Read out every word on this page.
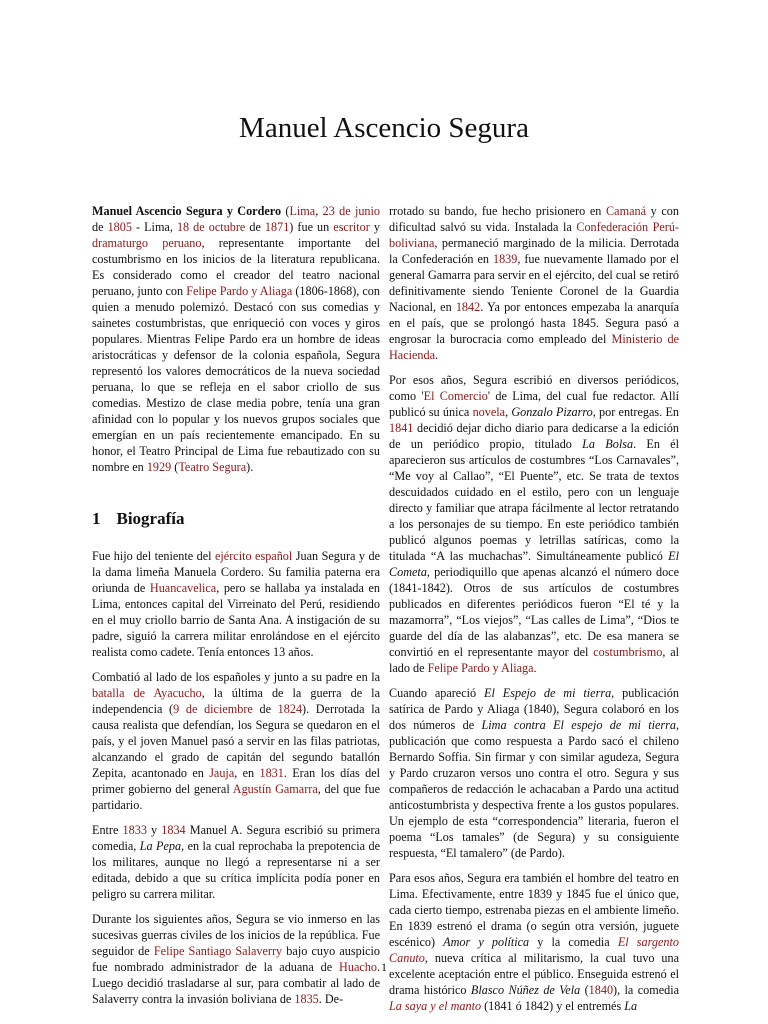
Manuel Ascencio Segura

Manuel Ascencio Segura y Cordero (Lima, 23 de junio de 1805 - Lima, 18 de octubre de 1871) fue un escritor y dramaturgo peruano, representante importante del costumbrismo en los inicios de la literatura republicana. Es considerado como el creador del teatro nacional peruano, junto con Felipe Pardo y Aliaga (1806-1868), con quien a menudo polemizó. Destacó con sus comedias y sainetes costumbristas, que enriqueció con voces y giros populares. Mientras Felipe Pardo era un hombre de ideas aristocráticas y defensor de la colonia española, Segura representó los valores democráticos de la nueva sociedad peruana, lo que se refleja en el sabor criollo de sus comedias. Mestizo de clase media pobre, tenía una gran afinidad con lo popular y los nuevos grupos sociales que emergían en un país recientemente emancipado. En su honor, el Teatro Principal de Lima fue rebautizado con su nombre en 1929 (Teatro Segura).

1 Biografía

Fue hijo del teniente del ejército español Juan Segura y de la dama limeña Manuela Cordero. Su familia paterna era oriunda de Huancavelica, pero se hallaba ya instalada en Lima, entonces capital del Virreinato del Perú, residiendo en el muy criollo barrio de Santa Ana. A instigación de su padre, siguió la carrera militar enrolándose en el ejército realista como cadete. Tenía entonces 13 años.

Combatió al lado de los españoles y junto a su padre en la batalla de Ayacucho, la última de la guerra de la independencia (9 de diciembre de 1824). Derrotada la causa realista que defendían, los Segura se quedaron en el país, y el joven Manuel pasó a servir en las filas patriotas, alcanzando el grado de capitán del segundo batallón Zepita, acantonado en Jauja, en 1831. Eran los días del primer gobierno del general Agustín Gamarra, del que fue partidario.

Entre 1833 y 1834 Manuel A. Segura escribió su primera comedia, La Pepa, en la cual reprochaba la prepotencia de los militares, aunque no llegó a representarse ni a ser editada, debido a que su crítica implícita podía poner en peligro su carrera militar.

Durante los siguientes años, Segura se vio inmerso en las sucesivas guerras civiles de los inicios de la república. Fue seguidor de Felipe Santiago Salaverry bajo cuyo auspicio fue nombrado administrador de la aduana de Huacho. Luego decidió trasladarse al sur, para combatir al lado de Salaverry contra la invasión boliviana de 1835. De-

rrotado su bando, fue hecho prisionero en Camaná y con dificultad salvó su vida. Instalada la Confederación Perú-boliviana, permaneció marginado de la milicia. Derrotada la Confederación en 1839, fue nuevamente llamado por el general Gamarra para servir en el ejército, del cual se retiró definitivamente siendo Teniente Coronel de la Guardia Nacional, en 1842. Ya por entonces empezaba la anarquía en el país, que se prolongó hasta 1845. Segura pasó a engrosar la burocracia como empleado del Ministerio de Hacienda.

Por esos años, Segura escribió en diversos periódicos, como 'El Comercio' de Lima, del cual fue redactor. Allí publicó su única novela, Gonzalo Pizarro, por entregas. En 1841 decidió dejar dicho diario para dedicarse a la edición de un periódico propio, titulado La Bolsa. En él aparecieron sus artículos de costumbres “Los Carnavales”, “Me voy al Callao”, “El Puente”, etc. Se trata de textos descuidados cuidado en el estilo, pero con un lenguaje directo y familiar que atrapa fácilmente al lector retratando a los personajes de su tiempo. En este periódico también publicó algunos poemas y letrillas satíricas, como la titulada “A las muchachas”. Simultáneamente publicó El Cometa, periodiquillo que apenas alcanzó el número doce (1841-1842). Otros de sus artículos de costumbres publicados en diferentes periódicos fueron “El té y la mazamorra”, “Los viejos”, “Las calles de Lima”, “Dios te guarde del día de las alabanzas”, etc. De esa manera se convirtió en el representante mayor del costumbrismo, al lado de Felipe Pardo y Aliaga.

Cuando apareció El Espejo de mi tierra, publicación satírica de Pardo y Aliaga (1840), Segura colaboró en los dos números de Lima contra El espejo de mi tierra, publicación que como respuesta a Pardo sacó el chileno Bernardo Soffia. Sin firmar y con similar agudeza, Segura y Pardo cruzaron versos uno contra el otro. Segura y sus compañeros de redacción le achacaban a Pardo una actitud anticostumbrista y despectiva frente a los gustos populares. Un ejemplo de esta “correspondencia” literaria, fueron el poema “Los tamales” (de Segura) y su consiguiente respuesta, “El tamalero” (de Pardo).

Para esos años, Segura era también el hombre del teatro en Lima. Efectivamente, entre 1839 y 1845 fue el único que, cada cierto tiempo, estrenaba piezas en el ambiente limeño. En 1839 estrenó el drama (o según otra versión, juguete escénico) Amor y política y la comedia El sargento Canuto, nueva crítica al militarismo, la cual tuvo una excelente aceptación entre el público. Enseguida estrenó el drama histórico Blasco Núñez de Vela (1840), la comedia La saya y el manto (1841 ó 1842) y el entremés La

1
